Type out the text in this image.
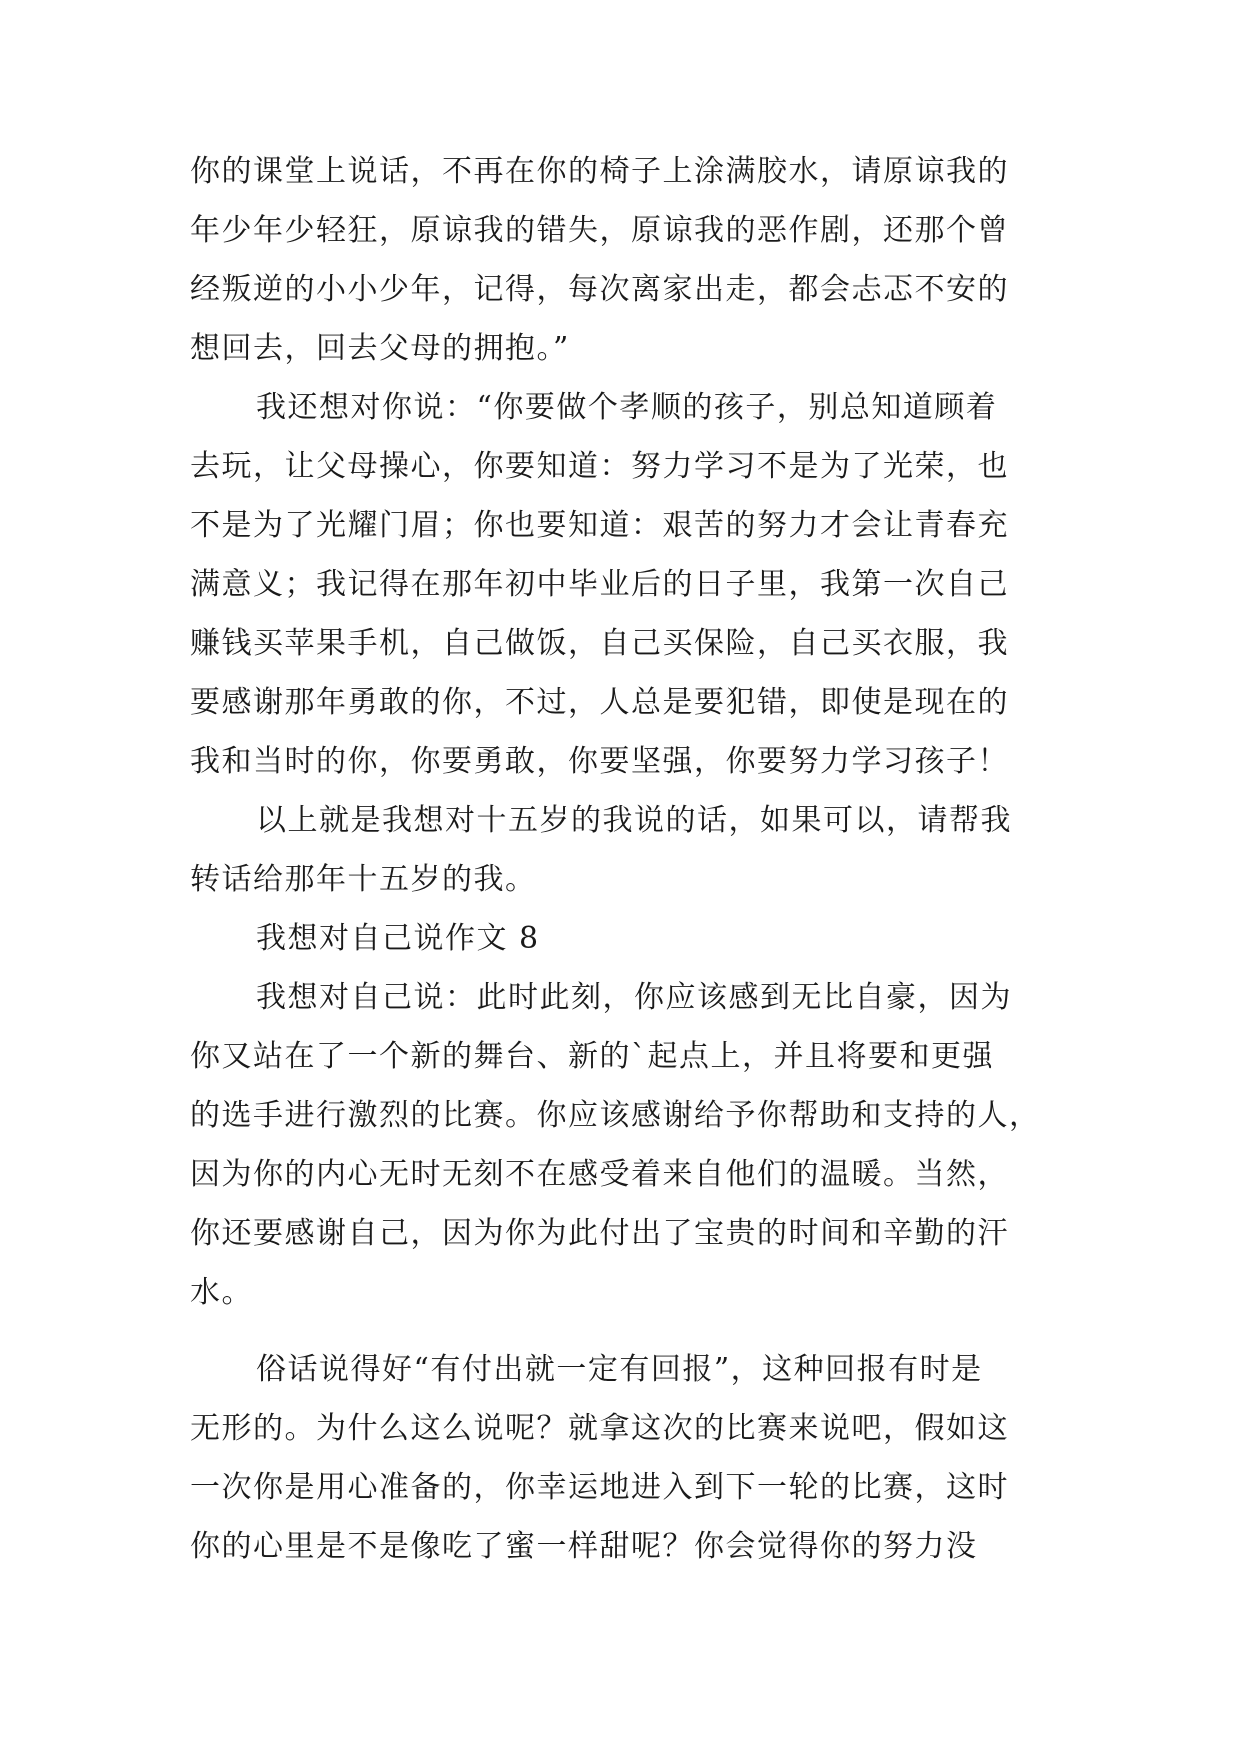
你的课堂上说话，不再在你的椅子上涂满胶水，请原谅我的

年少年少轻狂，原谅我的错失，原谅我的恶作剧，还那个曾

经叛逆的小小少年，记得，每次离家出走，都会忐忑不安的

想回去，回去父母的拥抱。”

我还想对你说：“你要做个孝顺的孩子，别总知道顾着

去玩，让父母操心，你要知道：努力学习不是为了光荣，也

不是为了光耀门眉；你也要知道：艰苦的努力才会让青春充

满意义；我记得在那年初中毕业后的日子里，我第一次自己

赚钱买苹果手机，自己做饭，自己买保险，自己买衣服，我

要感谢那年勇敢的你，不过，人总是要犯错，即使是现在的

我和当时的你，你要勇敢，你要坚强，你要努力学习孩子！

以上就是我想对十五岁的我说的话，如果可以，请帮我

转话给那年十五岁的我。

我想对自己说作文 8

我想对自己说：此时此刻，你应该感到无比自豪，因为

你又站在了一个新的舞台、新的`起点上，并且将要和更强

的选手进行激烈的比赛。你应该感谢给予你帮助和支持的人，

因为你的内心无时无刻不在感受着来自他们的温暖。当然，

你还要感谢自己，因为你为此付出了宝贵的时间和辛勤的汗

水。

俗话说得好“有付出就一定有回报”，这种回报有时是

无形的。为什么这么说呢？就拿这次的比赛来说吧，假如这

一次你是用心准备的，你幸运地进入到下一轮的比赛，这时

你的心里是不是像吃了蜜一样甜呢？你会觉得你的努力没
